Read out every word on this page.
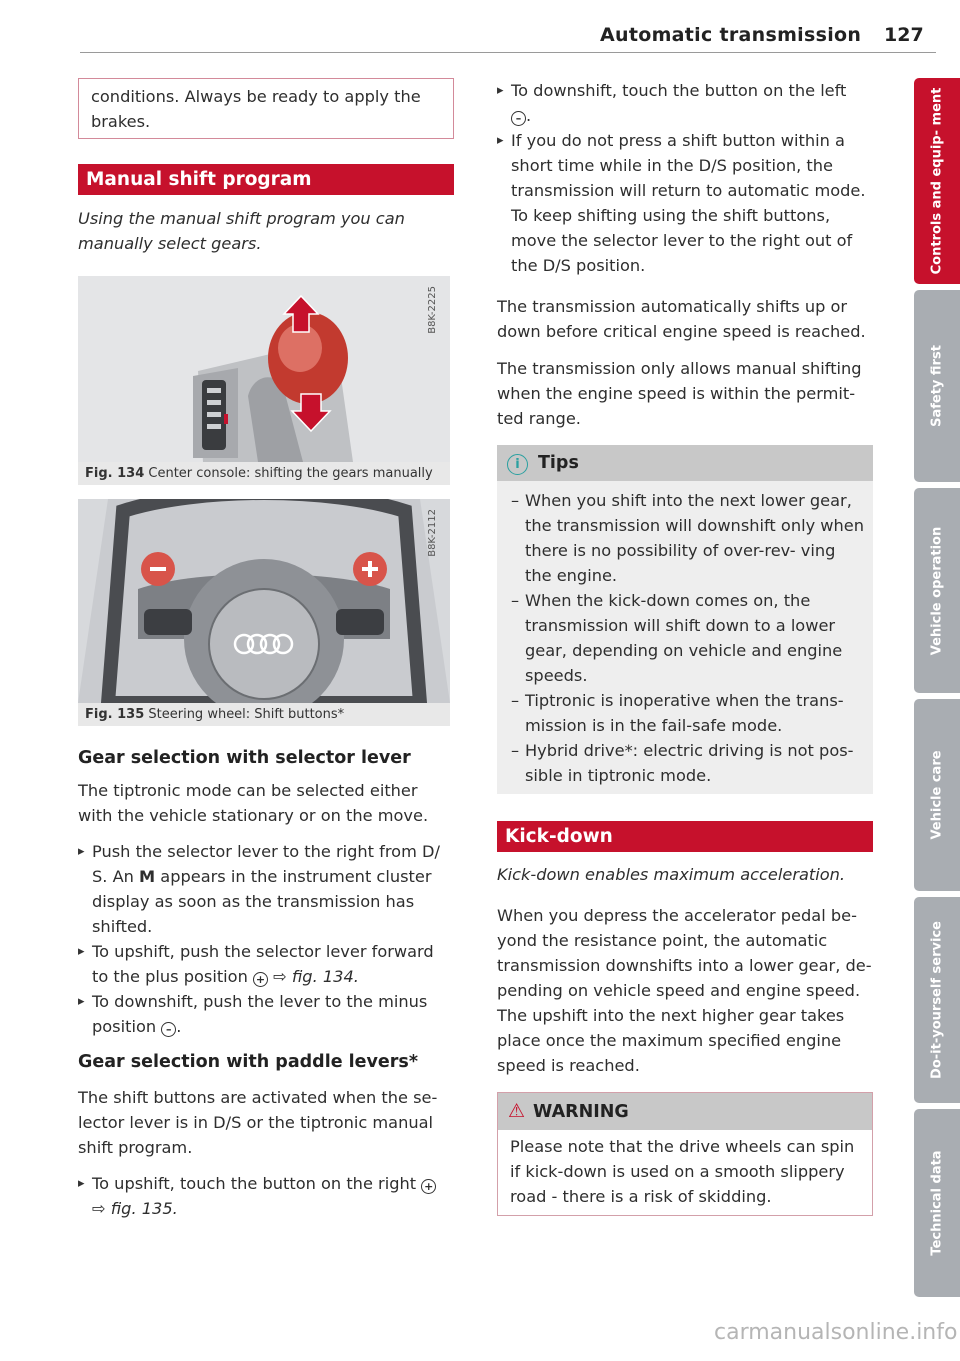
Automatic transmission	127

conditions. Always be ready to apply the brakes.

Manual shift program

Using the manual shift program you can manually select gears.

B8K-2225
Fig. 134 Center console: shifting the gears manually
B8K-2112
Fig. 135 Steering wheel: Shift buttons*

Gear selection with selector lever

The tiptronic mode can be selected either with the vehicle stationary or on the move.

▸ Push the selector lever to the right from D/ S. An M appears in the instrument cluster display as soon as the transmission has shifted.

▸ To upshift, push the selector lever forward to the plus position + ⇨ fig. 134.

▸ To downshift, push the lever to the minus position – .

Gear selection with paddle levers*

The shift buttons are activated when the se- lector lever is in D/S or the tiptronic manual shift program.

▸ To upshift, touch the button on the right +
⇨ fig. 135.

▸ To downshift, touch the button on the left
– .

▸ If you do not press a shift button within a short time while in the D/S position, the transmission will return to automatic mode. To keep shifting using the shift buttons, move the selector lever to the right out of the D/S position.

The transmission automatically shifts up or down before critical engine speed is reached.

The transmission only allows manual shifting when the engine speed is within the permit- ted range.

i Tips

– When you shift into the next lower gear, the transmission will downshift only when there is no possibility of over-rev- ving the engine.

– When the kick-down comes on, the transmission will shift down to a lower gear, depending on vehicle and engine speeds.

– Tiptronic is inoperative when the trans- mission is in the fail-safe mode.

– Hybrid drive*: electric driving is not pos- sible in tiptronic mode.

Kick-down

Kick-down enables maximum acceleration.

When you depress the accelerator pedal be- yond the resistance point, the automatic transmission downshifts into a lower gear, de- pending on vehicle speed and engine speed. The upshift into the next higher gear takes place once the maximum specified engine speed is reached.

⚠ WARNING

Please note that the drive wheels can spin if kick-down is used on a smooth slippery road - there is a risk of skidding.

Controls and equip- ment
Safety first
Vehicle operation
Vehicle care
Do-it-yourself service
Technical data
carmanualsonline.info
